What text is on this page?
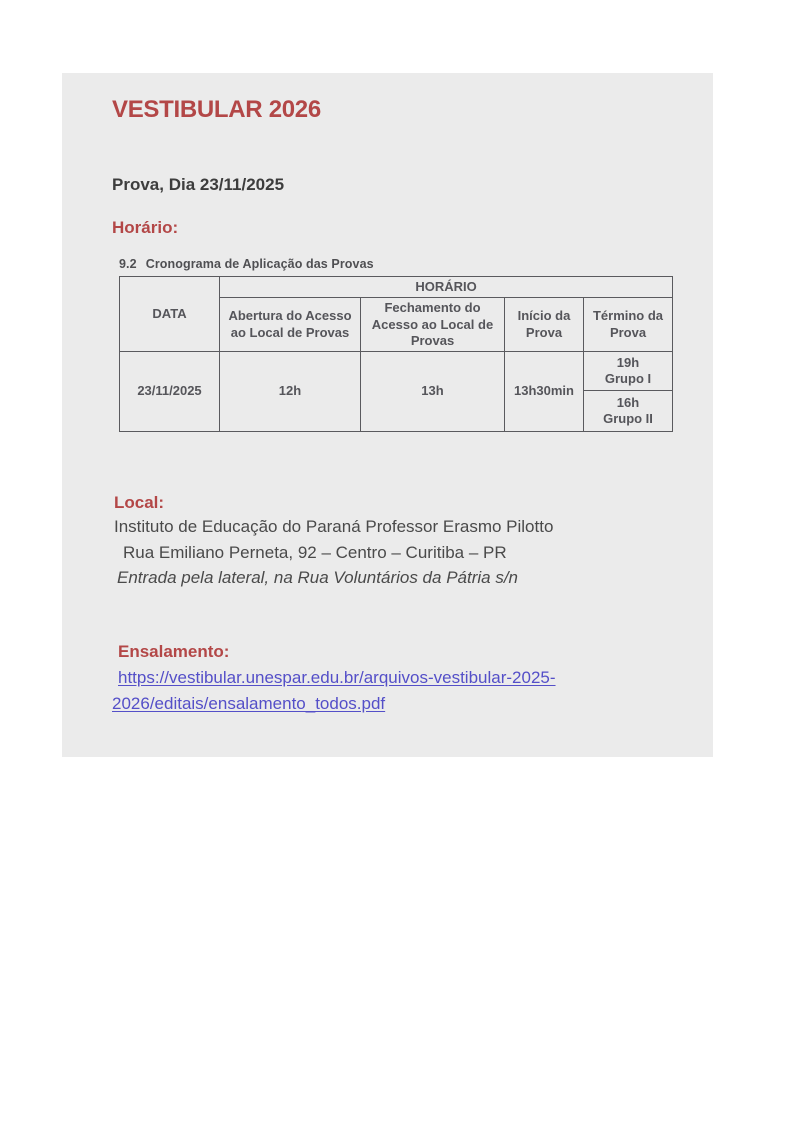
VESTIBULAR 2026
Prova, Dia 23/11/2025
Horário:
9.2 Cronograma de Aplicação das Provas
DATA	HORÁRIO			
	Abertura do Acesso ao Local de Provas	Fechamento do Acesso ao Local de Provas	Início da Prova	Término da Prova
23/11/2025	12h	13h	13h30min	19h
Grupo I

				16h
Grupo II
Local:
Instituto de Educação do Paraná Professor Erasmo Pilotto
Rua Emiliano Perneta, 92 – Centro – Curitiba – PR
Entrada pela lateral, na Rua Voluntários da Pátria s/n
Ensalamento:
https://vestibular.unespar.edu.br/arquivos-vestibular-2025-
2026/editais/ensalamento_todos.pdf
